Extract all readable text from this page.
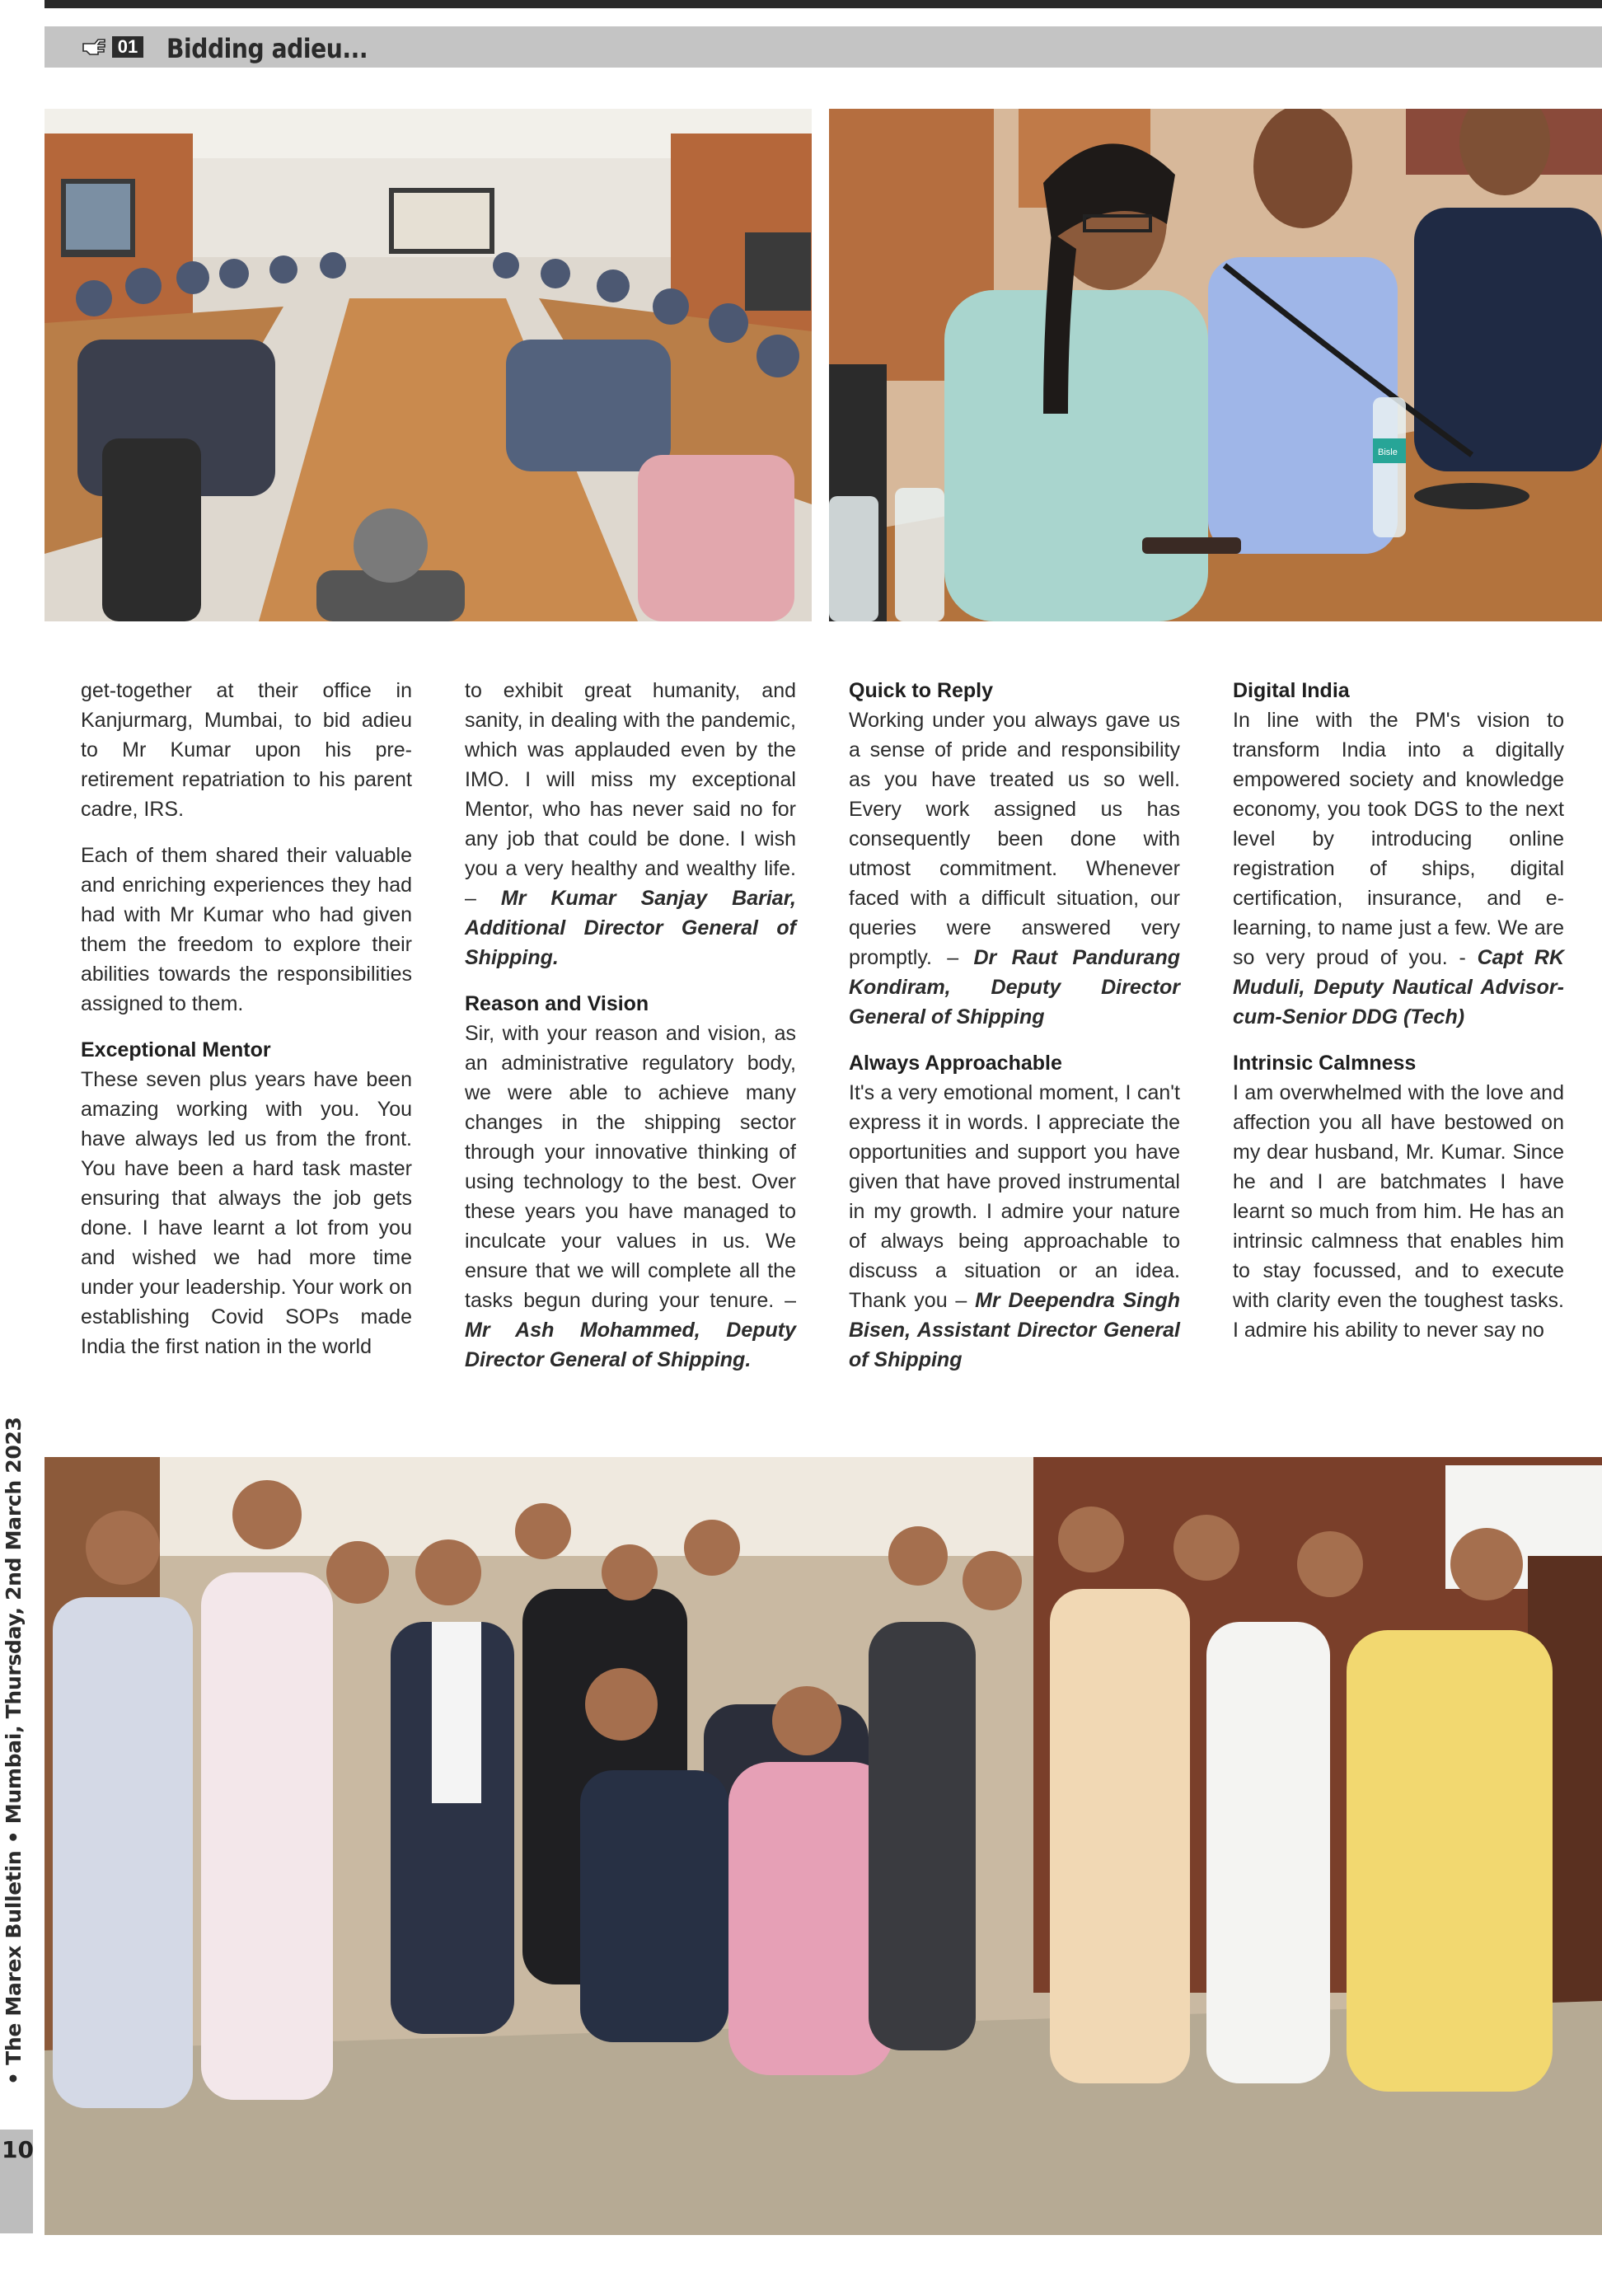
01 Bidding adieu...
Bisle

get-together at their office in Kanjurmarg, Mumbai, to bid adieu to Mr Kumar upon his pre-retirement repatriation to his parent cadre, IRS.

Each of them shared their valuable and enriching experiences they had had with Mr Kumar who had given them the freedom to explore their abilities towards the responsibilities assigned to them.

Exceptional Mentor

These seven plus years have been amazing working with you. You have always led us from the front. You have been a hard task master ensuring that always the job gets done. I have learnt a lot from you and wished we had more time under your leadership. Your work on establishing Covid SOPs made India the first nation in the world

to exhibit great humanity, and sanity, in dealing with the pandemic, which was applauded even by the IMO. I will miss my exceptional Mentor, who has never said no for any job that could be done. I wish you a very healthy and wealthy life. – Mr Kumar Sanjay Bariar, Additional Director General of Shipping.

Reason and Vision

Sir, with your reason and vision, as an administrative regulatory body, we were able to achieve many changes in the shipping sector through your innovative thinking of using technology to the best. Over these years you have managed to inculcate your values in us. We ensure that we will complete all the tasks begun during your tenure. – Mr Ash Mohammed, Deputy Director General of Shipping.

Quick to Reply

Working under you always gave us a sense of pride and responsibility as you have treated us so well. Every work assigned us has consequently been done with utmost commitment. Whenever faced with a difficult situation, our queries were answered very promptly. – Dr Raut Pandurang Kondiram, Deputy Director General of Shipping

Always Approachable

It's a very emotional moment, I can't express it in words. I appreciate the opportunities and support you have given that have proved instrumental in my growth. I admire your nature of always being approachable to discuss a situation or an idea. Thank you – Mr Deependra Singh Bisen, Assistant Director General of Shipping

Digital India

In line with the PM's vision to transform India into a digitally empowered society and knowledge economy, you took DGS to the next level by introducing online registration of ships, digital certification, insurance, and e-learning, to name just a few. We are so very proud of you. - Capt RK Muduli, Deputy Nautical Advisor-cum-Senior DDG (Tech)

Intrinsic Calmness

I am overwhelmed with the love and affection you all have bestowed on my dear husband, Mr. Kumar. Since he and I are batchmates I have learnt so much from him. He has an intrinsic calmness that enables him to stay focussed, and to execute with clarity even the toughest tasks. I admire his ability to never say no

• The Marex Bulletin • Mumbai, Thursday, 2nd March 2023
10
